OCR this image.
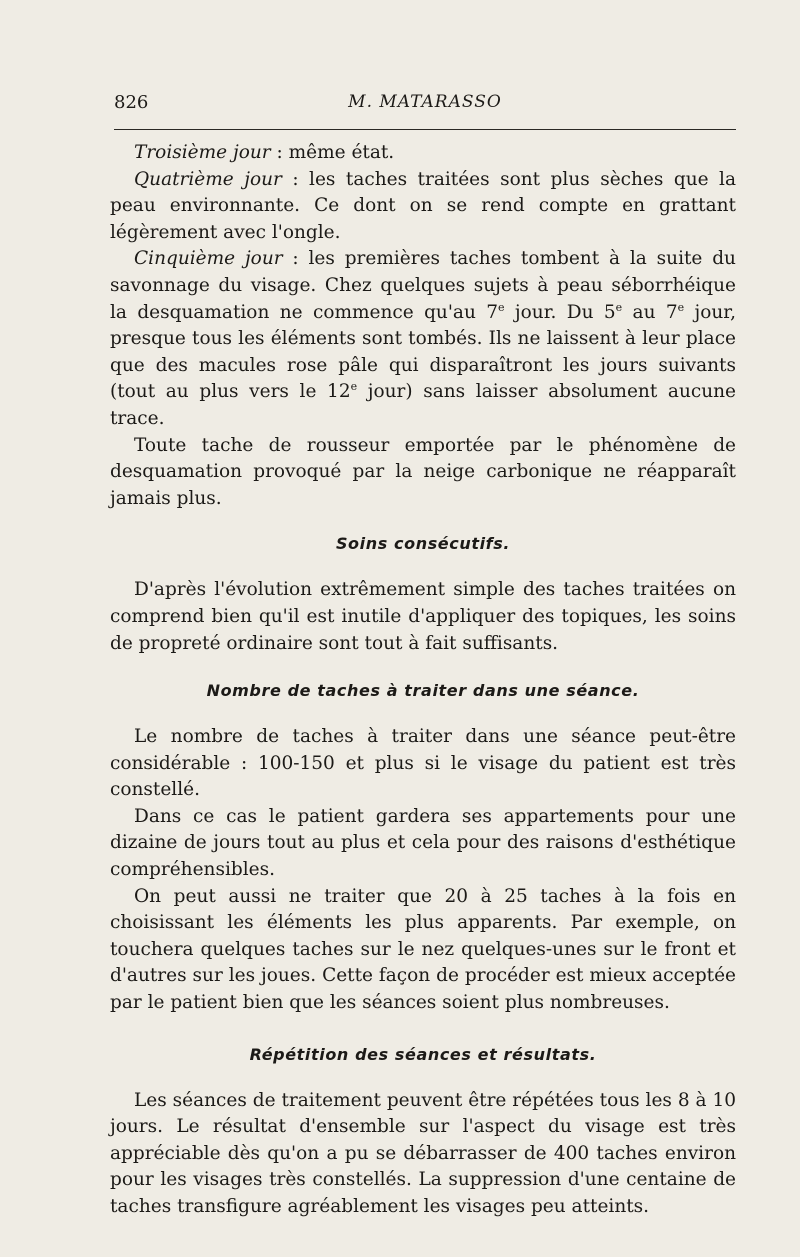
826	M. MATARASSO

Troisième jour : même état.

Quatrième jour : les taches traitées sont plus sèches que la peau environnante. Ce dont on se rend compte en grattant légèrement avec l'ongle.

Cinquième jour : les premières taches tombent à la suite du savonnage du visage. Chez quelques sujets à peau séborrhéique la desquamation ne commence qu'au 7e jour. Du 5e au 7e jour, presque tous les éléments sont tombés. Ils ne laissent à leur place que des macules rose pâle qui disparaîtront les jours suivants (tout au plus vers le 12e jour) sans laisser absolument aucune trace.

Toute tache de rousseur emportée par le phénomène de desquamation provoqué par la neige carbonique ne réapparaît jamais plus.

Soins consécutifs.

D'après l'évolution extrêmement simple des taches traitées on comprend bien qu'il est inutile d'appliquer des topiques, les soins de propreté ordinaire sont tout à fait suffisants.

Nombre de taches à traiter dans une séance.

Le nombre de taches à traiter dans une séance peut-être considérable : 100-150 et plus si le visage du patient est très constellé.

Dans ce cas le patient gardera ses appartements pour une dizaine de jours tout au plus et cela pour des raisons d'esthétique compréhensibles.

On peut aussi ne traiter que 20 à 25 taches à la fois en choisissant les éléments les plus apparents. Par exemple, on touchera quelques taches sur le nez quelques-unes sur le front et d'autres sur les joues. Cette façon de procéder est mieux acceptée par le patient bien que les séances soient plus nombreuses.

Répétition des séances et résultats.

Les séances de traitement peuvent être répétées tous les 8 à 10 jours. Le résultat d'ensemble sur l'aspect du visage est très appréciable dès qu'on a pu se débarrasser de 400 taches environ pour les visages très constellés. La suppression d'une centaine de taches transfigure agréablement les visages peu atteints.
